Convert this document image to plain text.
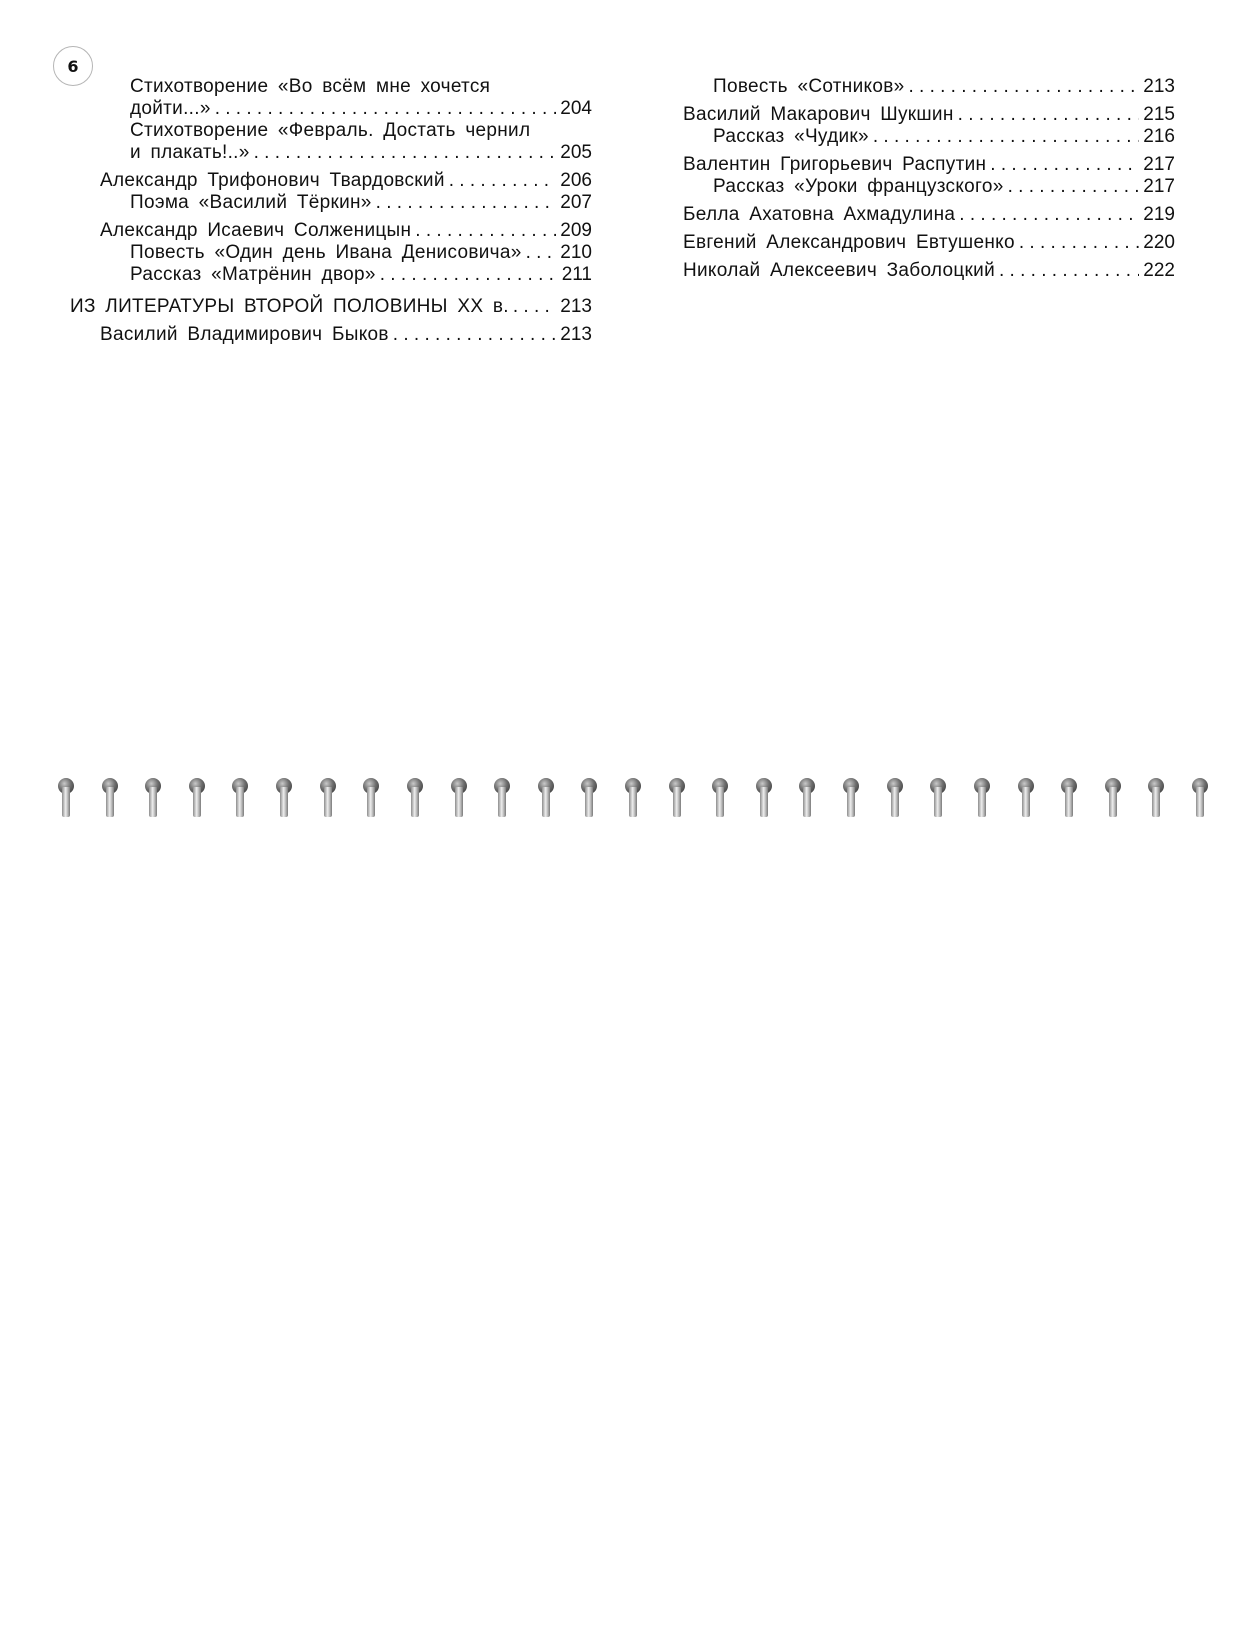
6
Стихотворение «Во всём мне хочется
дойти...» . . .	204
Стихотворение «Февраль. Достать чернил
и плакать!..» . . .	205
Александр Трифонович Твардовский . . .	206
Поэма «Василий Тёркин» . . .	207
Александр Исаевич Солженицын . . .	209
Повесть «Один день Ивана Денисовича» . . . 210
Рассказ «Матрёнин двор» . . .	211
ИЗ ЛИТЕРАТУРЫ ВТОРОЙ ПОЛОВИНЫ XX в. . . .	213
Василий Владимирович Быков . . .	213
Повесть «Сотников» . . .	213
Василий Макарович Шукшин . . .	215
Рассказ «Чудик» . . .	216
Валентин Григорьевич Распутин . . .	217
Рассказ «Уроки французского» . . .	217
Белла Ахатовна Ахмадулина . . .	219
Евгений Александрович Евтушенко . . .	220
Николай Алексеевич Заболоцкий . . .	222
